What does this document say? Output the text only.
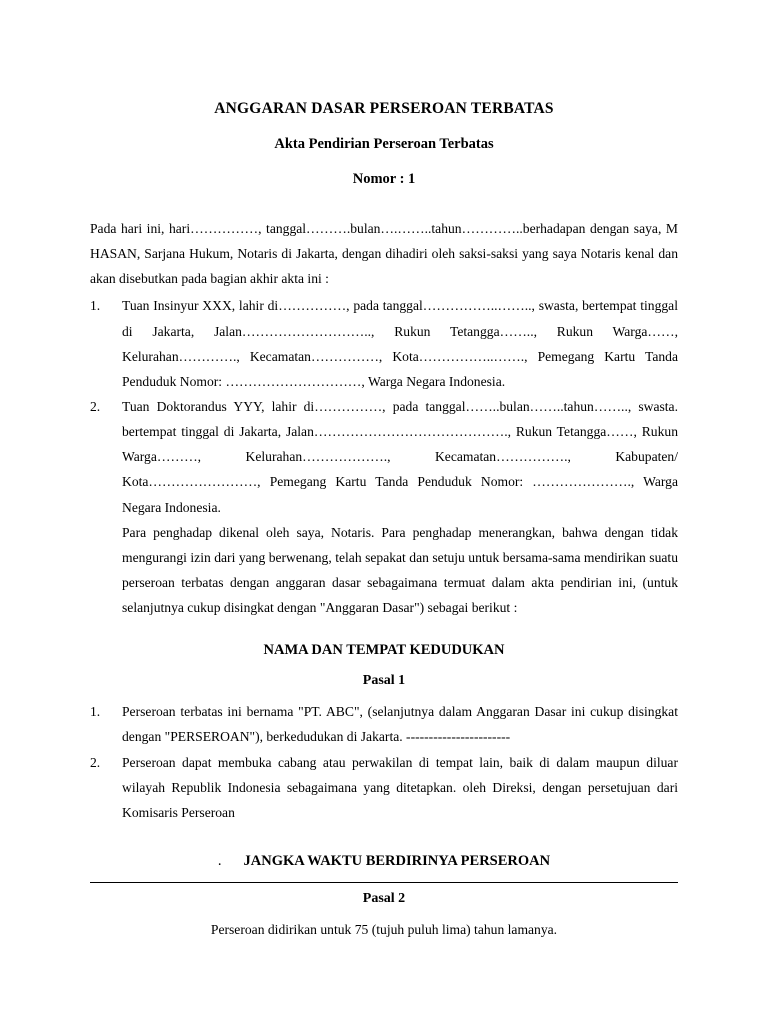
ANGGARAN DASAR PERSEROAN TERBATAS
Akta Pendirian Perseroan Terbatas
Nomor : 1

Pada hari ini, hari……………, tanggal……….bulan….……..tahun…………..berhadapan dengan saya, M HASAN, Sarjana Hukum, Notaris di Jakarta, dengan dihadiri oleh saksi-saksi yang saya Notaris kenal dan akan disebutkan pada bagian akhir akta ini :

1.	Tuan Insinyur XXX, lahir di……………, pada tanggal……………..…….., swasta, bertempat tinggal di Jakarta, Jalan……………………….., Rukun Tetangga…….., Rukun Warga……, Kelurahan…………., Kecamatan……………, Kota……………..……., Pemegang Kartu Tanda Penduduk Nomor: …………………………, Warga Negara Indonesia.
2.	Tuan Doktorandus YYY, lahir di……………, pada tanggal……..bulan……..tahun…….., swasta. bertempat tinggal di Jakarta, Jalan……………………………………., Rukun Tetangga……, Rukun Warga………, Kelurahan………………., Kecamatan……………., Kabupaten/ Kota……………………, Pemegang Kartu Tanda Penduduk Nomor: …………………., Warga Negara Indonesia.

Para penghadap dikenal oleh saya, Notaris. Para penghadap menerangkan, bahwa dengan tidak mengurangi izin dari yang berwenang, telah sepakat dan setuju untuk bersama-sama mendirikan suatu perseroan terbatas dengan anggaran dasar sebagaimana termuat dalam akta pendirian ini, (untuk selanjutnya cukup disingkat dengan "Anggaran Dasar") sebagai berikut :

NAMA DAN TEMPAT KEDUDUKAN
Pasal 1
1.	Perseroan terbatas ini bernama "PT. ABC", (selanjutnya dalam Anggaran Dasar ini cukup disingkat dengan "PERSEROAN"), berkedudukan di Jakarta. -----------------------
2.	Perseroan dapat membuka cabang atau perwakilan di tempat lain, baik di dalam maupun diluar wilayah Republik Indonesia sebagaimana yang ditetapkan. oleh Direksi, dengan persetujuan dari Komisaris Perseroan
. JANGKA WAKTU BERDIRINYA PERSEROAN
Pasal 2

Perseroan didirikan untuk 75 (tujuh puluh lima) tahun lamanya.
